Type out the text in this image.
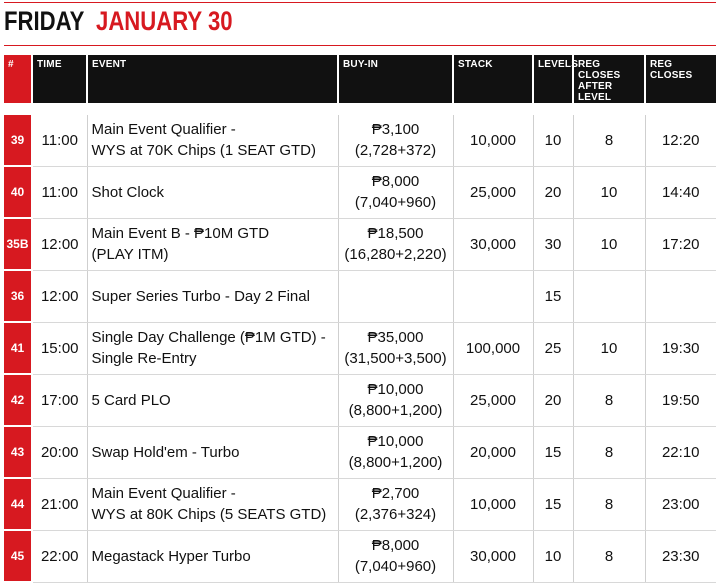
FRIDAY JANUARY 30
#	TIME	EVENT	BUY-IN	STACK	LEVELS	REG CLOSES AFTER LEVEL	REG CLOSES

39	11:00	Main Event Qualifier -
WYS at 70K Chips (1 SEAT GTD)	₱3,100
(2,728+372)	10,000	10	8	12:20
40	11:00	Shot Clock	₱8,000
(7,040+960)	25,000	20	10	14:40
35B	12:00	Main Event B - ₱10M GTD
(PLAY ITM)	₱18,500
(16,280+2,220)	30,000	30	10	17:20
36	12:00	Super Series Turbo - Day 2 Final			15		
41	15:00	Single Day Challenge (₱1M GTD) -
Single Re-Entry	₱35,000
(31,500+3,500)	100,000	25	10	19:30
42	17:00	5 Card PLO	₱10,000
(8,800+1,200)	25,000	20	8	19:50
43	20:00	Swap Hold'em - Turbo	₱10,000
(8,800+1,200)	20,000	15	8	22:10
44	21:00	Main Event Qualifier -
WYS at 80K Chips (5 SEATS GTD)	₱2,700
(2,376+324)	10,000	15	8	23:00
45	22:00	Megastack Hyper Turbo	₱8,000
(7,040+960)	30,000	10	8	23:30
